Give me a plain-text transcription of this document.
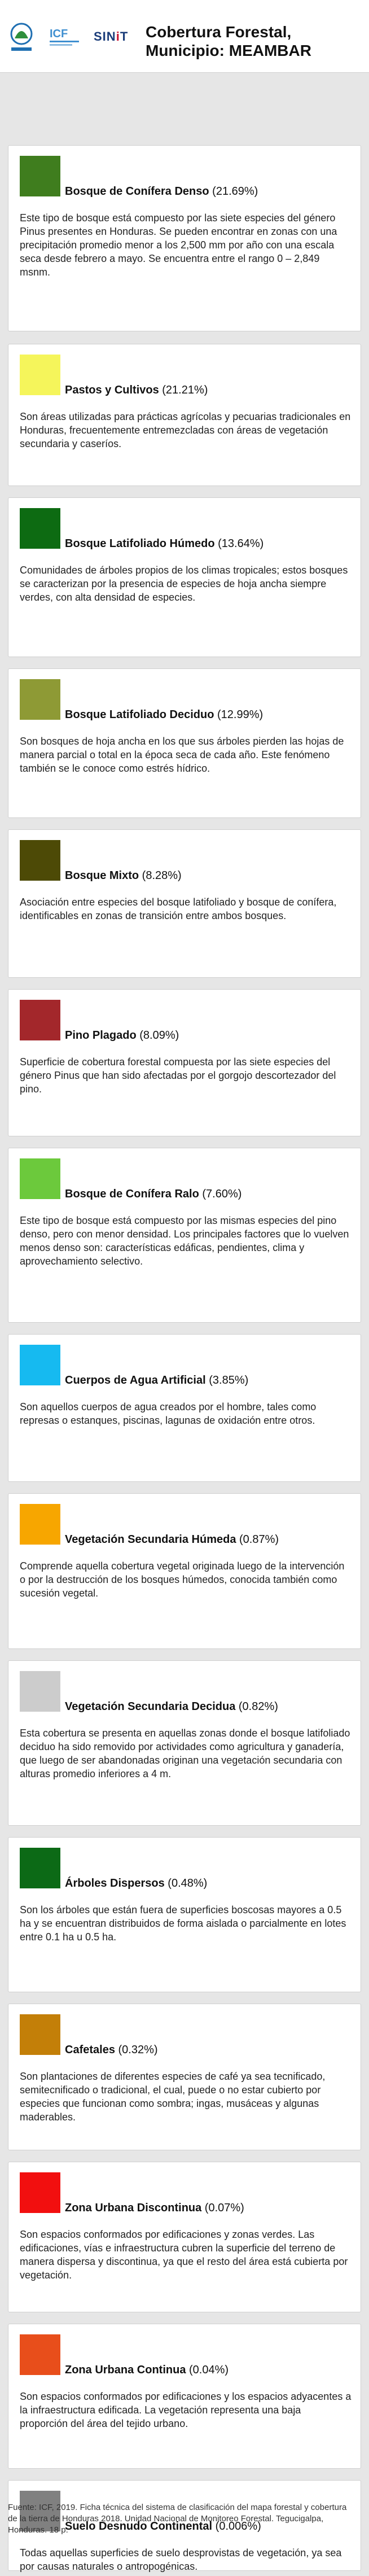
ICF SINiT	Cobertura Forestal, Municipio: MEAMBAR
Bosque de Conífera Denso (21.69%)
Este tipo de bosque está compuesto por las siete especies del género Pinus presentes en Honduras. Se pueden encontrar en zonas con una precipitación promedio menor a los 2,500 mm por año con una escala seca desde febrero a mayo. Se encuentra entre el rango 0 – 2,849 msnm.
Pastos y Cultivos (21.21%)
Son áreas utilizadas para prácticas agrícolas y pecuarias tradicionales en Honduras, frecuentemente entremezcladas con áreas de vegetación secundaria y caseríos.
Bosque Latifoliado Húmedo (13.64%)
Comunidades de árboles propios de los climas tropicales; estos bosques se caracterizan por la presencia de especies de hoja ancha siempre verdes, con alta densidad de especies.
Bosque Latifoliado Deciduo (12.99%)
Son bosques de hoja ancha en los que sus árboles pierden las hojas de manera parcial o total en la época seca de cada año. Este fenómeno también se le conoce como estrés hídrico.
Bosque Mixto (8.28%)
Asociación entre especies del bosque latifoliado y bosque de conífera, identificables en zonas de transición entre ambos bosques.
Pino Plagado (8.09%)
Superficie de cobertura forestal compuesta por las siete especies del género Pinus que han sido afectadas por el gorgojo descortezador del pino.
Bosque de Conífera Ralo (7.60%)
Este tipo de bosque está compuesto por las mismas especies del pino denso, pero con menor densidad. Los principales factores que lo vuelven menos denso son: características edáficas, pendientes, clima y aprovechamiento selectivo.
Cuerpos de Agua Artificial (3.85%)
Son aquellos cuerpos de agua creados por el hombre, tales como represas o estanques, piscinas, lagunas de oxidación entre otros.
Vegetación Secundaria Húmeda (0.87%)
Comprende aquella cobertura vegetal originada luego de la intervención o por la destrucción de los bosques húmedos, conocida también como sucesión vegetal.
Vegetación Secundaria Decidua (0.82%)
Esta cobertura se presenta en aquellas zonas donde el bosque latifoliado deciduo ha sido removido por actividades como agricultura y ganadería, que luego de ser abandonadas originan una vegetación secundaria con alturas promedio inferiores a 4 m.
Árboles Dispersos (0.48%)
Son los árboles que están fuera de superficies boscosas mayores a 0.5 ha y se encuentran distribuidos de forma aislada o parcialmente en lotes entre 0.1 ha u 0.5 ha.
Cafetales (0.32%)
Son plantaciones de diferentes especies de café ya sea tecnificado, semitecnificado o tradicional, el cual, puede o no estar cubierto por especies que funcionan como sombra; ingas, musáceas y algunas maderables.
Zona Urbana Discontinua (0.07%)
Son espacios conformados por edificaciones y zonas verdes. Las edificaciones, vías e infraestructura cubren la superficie del terreno de manera dispersa y discontinua, ya que el resto del área está cubierta por vegetación.
Zona Urbana Continua (0.04%)
Son espacios conformados por edificaciones y los espacios adyacentes a la infraestructura edificada. La vegetación representa una baja proporción del área del tejido urbano.
Suelo Desnudo Continental (0.006%)
Todas aquellas superficies de suelo desprovistas de vegetación, ya sea por causas naturales o antropogénicas.
Fuente: ICF, 2019. Ficha técnica del sistema de clasificación del mapa forestal y cobertura de la tierra de Honduras 2018. Unidad Nacional de Monitoreo Forestal. Tegucigalpa, Honduras. 18 p.
